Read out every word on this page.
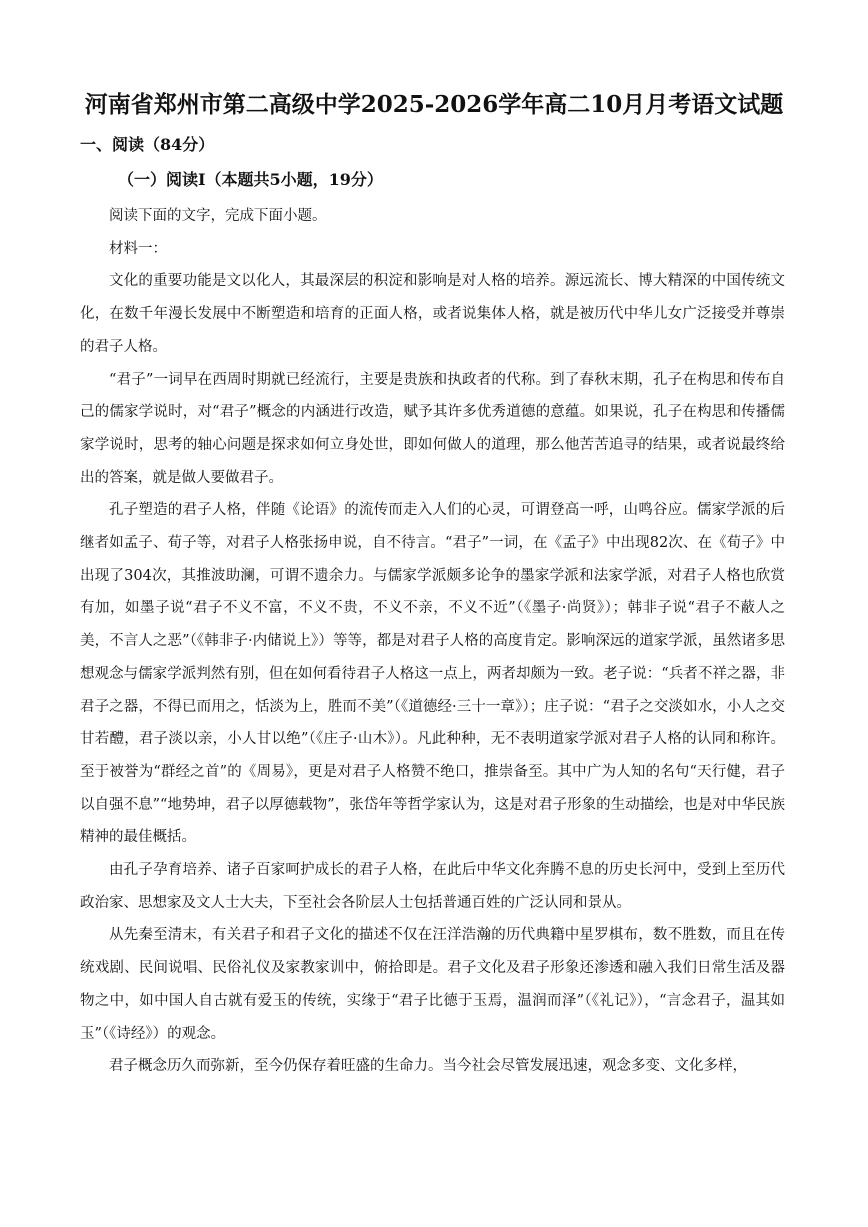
河南省郑州市第二高级中学2025-2026学年高二10月月考语文试题
一、阅读（84分）
（一）阅读Ⅰ（本题共5小题，19分）

阅读下面的文字，完成下面小题。

材料一：

文化的重要功能是文以化人，其最深层的积淀和影响是对人格的培养。源远流长、博大精深的中国传统文化，在数千年漫长发展中不断塑造和培育的正面人格，或者说集体人格，就是被历代中华儿女广泛接受并尊崇的君子人格。

“君子”一词早在西周时期就已经流行，主要是贵族和执政者的代称。到了春秋末期，孔子在构思和传布自己的儒家学说时，对“君子”概念的内涵进行改造，赋予其许多优秀道德的意蕴。如果说，孔子在构思和传播儒家学说时，思考的轴心问题是探求如何立身处世，即如何做人的道理，那么他苦苦追寻的结果，或者说最终给出的答案，就是做人要做君子。

孔子塑造的君子人格，伴随《论语》的流传而走入人们的心灵，可谓登高一呼，山鸣谷应。儒家学派的后继者如孟子、荀子等，对君子人格张扬申说，自不待言。“君子”一词，在《孟子》中出现82次、在《荀子》中出现了304次，其推波助澜，可谓不遗余力。与儒家学派颇多论争的墨家学派和法家学派，对君子人格也欣赏有加，如墨子说“君子不义不富，不义不贵，不义不亲，不义不近”（《墨子·尚贤》）；韩非子说“君子不蔽人之美，不言人之恶”（《韩非子·内储说上》）等等，都是对君子人格的高度肯定。影响深远的道家学派，虽然诸多思想观念与儒家学派判然有别，但在如何看待君子人格这一点上，两者却颇为一致。老子说：“兵者不祥之器，非君子之器，不得已而用之，恬淡为上，胜而不美”（《道德经·三十一章》）；庄子说：“君子之交淡如水，小人之交甘若醴，君子淡以亲，小人甘以绝”（《庄子·山木》）。凡此种种，无不表明道家学派对君子人格的认同和称许。至于被誉为“群经之首”的《周易》，更是对君子人格赞不绝口，推崇备至。其中广为人知的名句“天行健，君子以自强不息”“地势坤，君子以厚德载物”，张岱年等哲学家认为，这是对君子形象的生动描绘，也是对中华民族精神的最佳概括。

由孔子孕育培养、诸子百家呵护成长的君子人格，在此后中华文化奔腾不息的历史长河中，受到上至历代政治家、思想家及文人士大夫，下至社会各阶层人士包括普通百姓的广泛认同和景从。

从先秦至清末，有关君子和君子文化的描述不仅在汪洋浩瀚的历代典籍中星罗棋布，数不胜数，而且在传统戏剧、民间说唱、民俗礼仪及家教家训中，俯拾即是。君子文化及君子形象还渗透和融入我们日常生活及器物之中，如中国人自古就有爱玉的传统，实缘于“君子比德于玉焉，温润而泽”（《礼记》），“言念君子，温其如玉”（《诗经》）的观念。

君子概念历久而弥新，至今仍保存着旺盛的生命力。当今社会尽管发展迅速，观念多变、文化多样，
